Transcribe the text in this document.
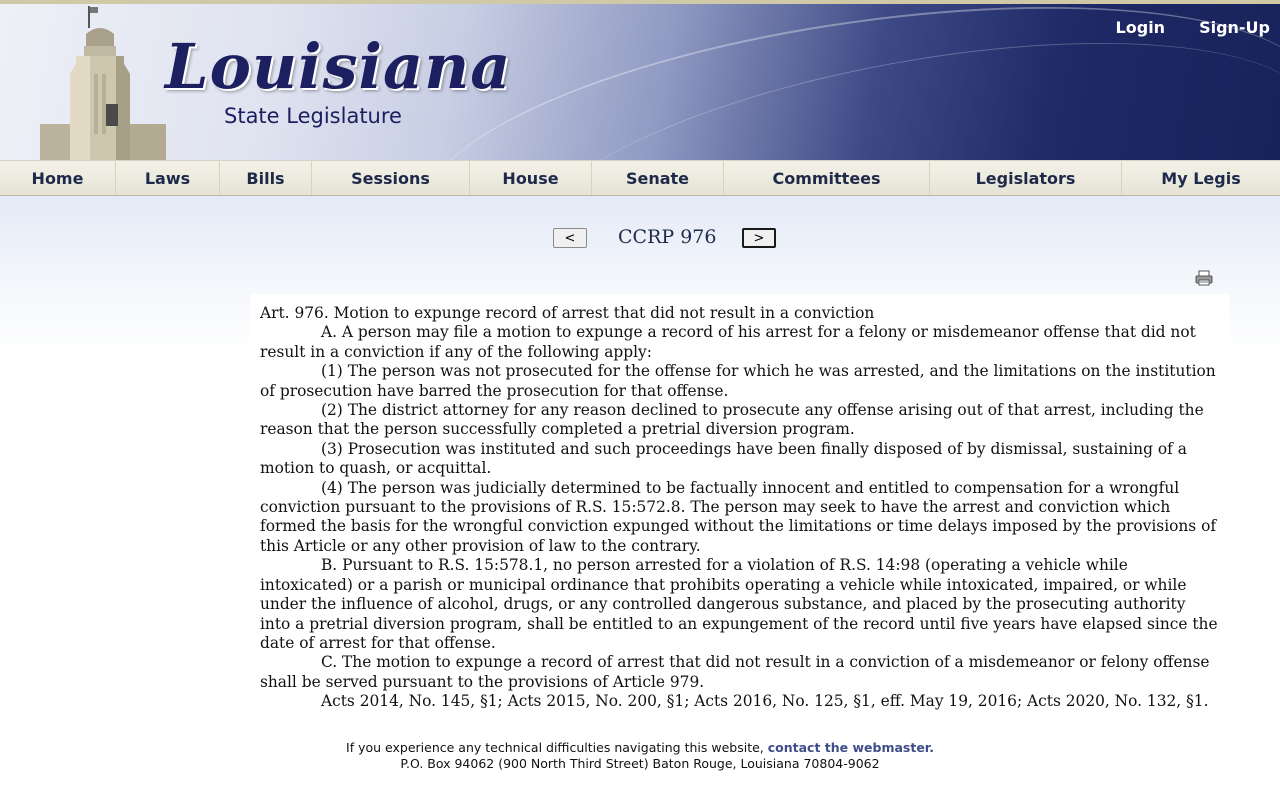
Louisiana
State Legislature
Login Sign-Up
Home	Laws	Bills	Sessions	House	Senate	Committees	Legislators	My Legis
<	CCRP 976	>

Art. 976. Motion to expunge record of arrest that did not result in a conviction

A. A person may file a motion to expunge a record of his arrest for a felony or misdemeanor offense that did not result in a conviction if any of the following apply:

(1) The person was not prosecuted for the offense for which he was arrested, and the limitations on the institution of prosecution have barred the prosecution for that offense.

(2) The district attorney for any reason declined to prosecute any offense arising out of that arrest, including the reason that the person successfully completed a pretrial diversion program.

(3) Prosecution was instituted and such proceedings have been finally disposed of by dismissal, sustaining of a motion to quash, or acquittal.

(4) The person was judicially determined to be factually innocent and entitled to compensation for a wrongful conviction pursuant to the provisions of R.S. 15:572.8. The person may seek to have the arrest and conviction which formed the basis for the wrongful conviction expunged without the limitations or time delays imposed by the provisions of this Article or any other provision of law to the contrary.

B. Pursuant to R.S. 15:578.1, no person arrested for a violation of R.S. 14:98 (operating a vehicle while intoxicated) or a parish or municipal ordinance that prohibits operating a vehicle while intoxicated, impaired, or while under the influence of alcohol, drugs, or any controlled dangerous substance, and placed by the prosecuting authority into a pretrial diversion program, shall be entitled to an expungement of the record until five years have elapsed since the date of arrest for that offense.

C. The motion to expunge a record of arrest that did not result in a conviction of a misdemeanor or felony offense shall be served pursuant to the provisions of Article 979.

Acts 2014, No. 145, §1; Acts 2015, No. 200, §1; Acts 2016, No. 125, §1, eff. May 19, 2016; Acts 2020, No. 132, §1.

If you experience any technical difficulties navigating this website, contact the webmaster.
P.O. Box 94062 (900 North Third Street) Baton Rouge, Louisiana 70804-9062
